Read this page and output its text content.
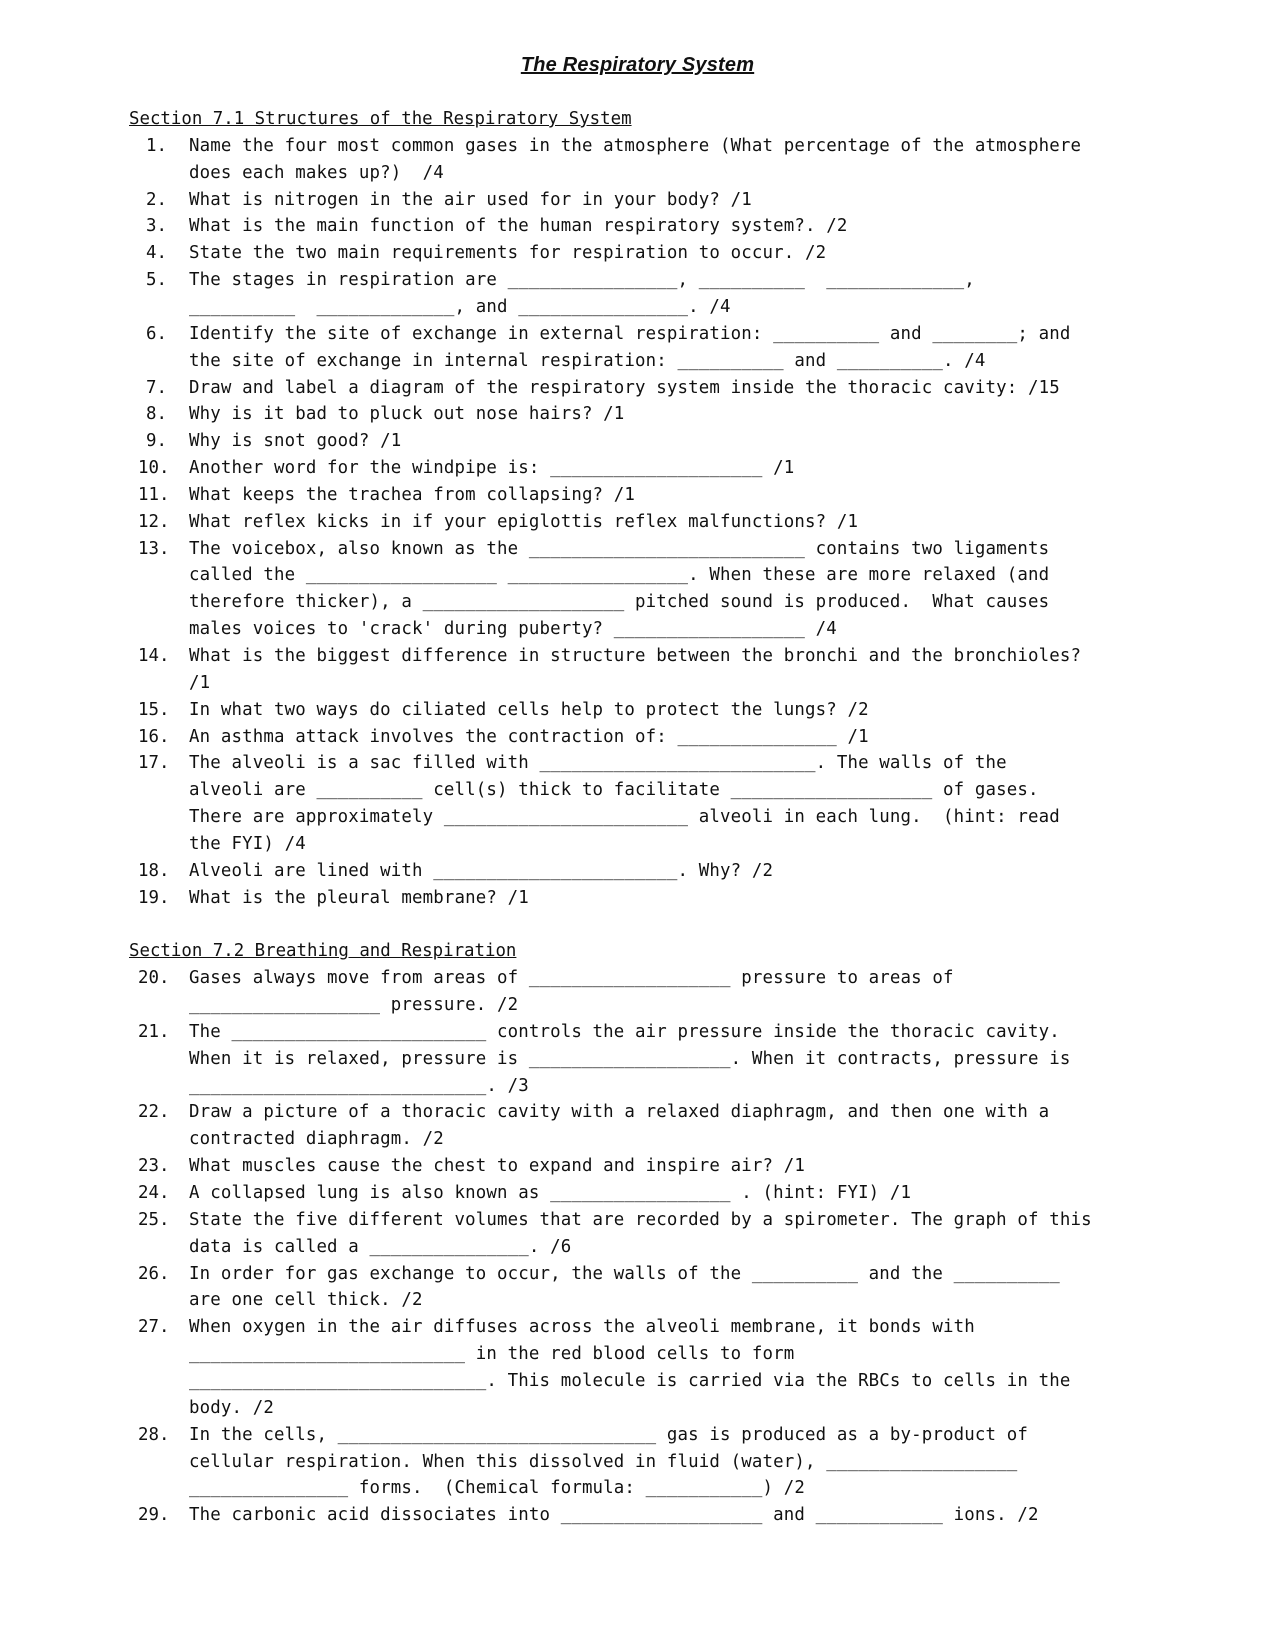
The Respiratory System
Section 7.1 Structures of the Respiratory System
1.	Name the four most common gases in the atmosphere (What percentage of the atmosphere
does each makes up?)  /4
2.	What is nitrogen in the air used for in your body? /1
3.	What is the main function of the human respiratory system?. /2
4.	State the two main requirements for respiration to occur. /2
5.	The stages in respiration are ________________, __________  _____________,
__________  _____________, and ________________. /4
6.	Identify the site of exchange in external respiration: __________ and ________; and
the site of exchange in internal respiration: __________ and __________. /4
7.	Draw and label a diagram of the respiratory system inside the thoracic cavity: /15
8.	Why is it bad to pluck out nose hairs? /1
9.	Why is snot good? /1
10.	Another word for the windpipe is: ____________________ /1
11.	What keeps the trachea from collapsing? /1
12.	What reflex kicks in if your epiglottis reflex malfunctions? /1
13.	The voicebox, also known as the __________________________ contains two ligaments
called the __________________ _________________. When these are more relaxed (and
therefore thicker), a ___________________ pitched sound is produced.  What causes
males voices to 'crack' during puberty? __________________ /4
14.	What is the biggest difference in structure between the bronchi and the bronchioles?
/1
15.	In what two ways do ciliated cells help to protect the lungs? /2
16.	An asthma attack involves the contraction of: _______________ /1
17.	The alveoli is a sac filled with __________________________. The walls of the
alveoli are __________ cell(s) thick to facilitate ___________________ of gases.
There are approximately _______________________ alveoli in each lung.  (hint: read
the FYI) /4
18.	Alveoli are lined with _______________________. Why? /2
19.	What is the pleural membrane? /1
Section 7.2 Breathing and Respiration
20.	Gases always move from areas of ___________________ pressure to areas of
__________________ pressure. /2
21.	The ________________________ controls the air pressure inside the thoracic cavity.
When it is relaxed, pressure is ___________________. When it contracts, pressure is
____________________________. /3
22.	Draw a picture of a thoracic cavity with a relaxed diaphragm, and then one with a
contracted diaphragm. /2
23.	What muscles cause the chest to expand and inspire air? /1
24.	A collapsed lung is also known as _________________ . (hint: FYI) /1
25.	State the five different volumes that are recorded by a spirometer. The graph of this
data is called a _______________. /6
26.	In order for gas exchange to occur, the walls of the __________ and the __________
are one cell thick. /2
27.	When oxygen in the air diffuses across the alveoli membrane, it bonds with
__________________________ in the red blood cells to form
____________________________. This molecule is carried via the RBCs to cells in the
body. /2
28.	In the cells, ______________________________ gas is produced as a by-product of
cellular respiration. When this dissolved in fluid (water), __________________
_______________ forms.  (Chemical formula: ___________) /2
29.	The carbonic acid dissociates into ___________________ and ____________ ions. /2
